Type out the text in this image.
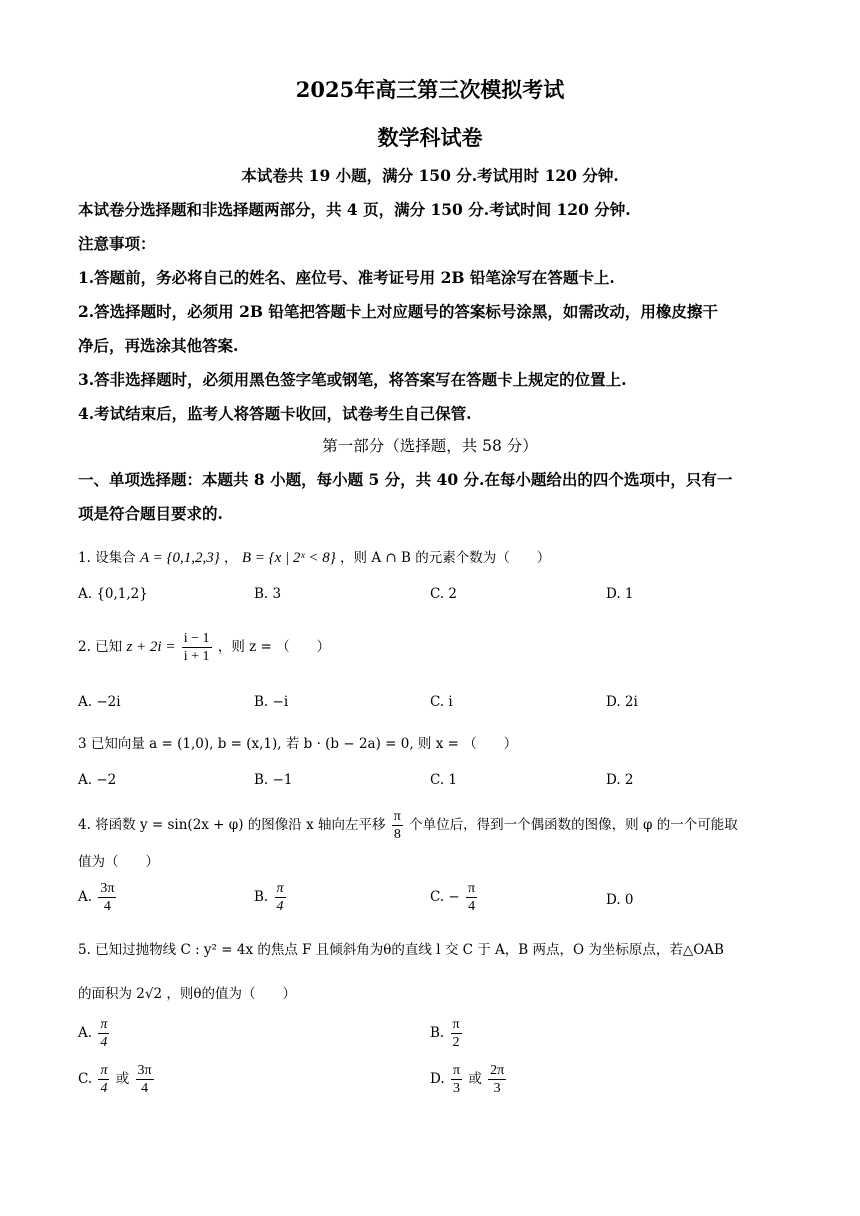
2025年高三第三次模拟考试
数学科试卷
本试卷共 19 小题，满分 150 分.考试用时 120 分钟.
本试卷分选择题和非选择题两部分，共 4 页，满分 150 分.考试时间 120 分钟.
注意事项：
1.答题前，务必将自己的姓名、座位号、准考证号用 2B 铅笔涂写在答题卡上.
2.答选择题时，必须用 2B 铅笔把答题卡上对应题号的答案标号涂黑，如需改动，用橡皮擦干
净后，再选涂其他答案.
3.答非选择题时，必须用黑色签字笔或钢笔，将答案写在答题卡上规定的位置上.
4.考试结束后，监考人将答题卡收回，试卷考生自己保管.
第一部分（选择题，共 58 分）
一、单项选择题：本题共 8 小题，每小题 5 分，共 40 分.在每小题给出的四个选项中，只有一
项是符合题目要求的.
1. 设集合 A = {0,1,2,3} ， B = {x | 2ˣ < 8} ，则 A ∩ B 的元素个数为（　　）
A. {0,1,2}	B. 3	C. 2	D. 1
2. 已知 $z + 2i = \frac{i - 1}{i + 1}$ ，则 z = （　　）
A. −2i	B. −i	C. i	D. 2i
3 已知向量 a = (1,0), b = (x,1), 若 b · (b − 2a) = 0, 则 x = （　　）
A. −2	B. −1	C. 1	D. 2
4. 将函数 y = sin(2x + φ) 的图像沿 x 轴向左平移 $\frac{\pi}{8}$ 个单位后，得到一个偶函数的图像，则 φ 的一个可能取
值为（　　）
A. $\frac{3\pi}{4}$	B. $\frac{\pi}{4}$	C. − $\frac{\pi}{4}$	D. 0
5. 已知过抛物线 C : y² = 4x 的焦点 F 且倾斜角为θ的直线 l 交 C 于 A，B 两点，O 为坐标原点，若△OAB
的面积为 2√2 ，则θ的值为（　　）
A. $\frac{\pi}{4}$	B. $\frac{\pi}{2}$
C. $\frac{\pi}{4}$ 或 $\frac{3\pi}{4}$	D. $\frac{\pi}{3}$ 或 $\frac{2\pi}{3}$
